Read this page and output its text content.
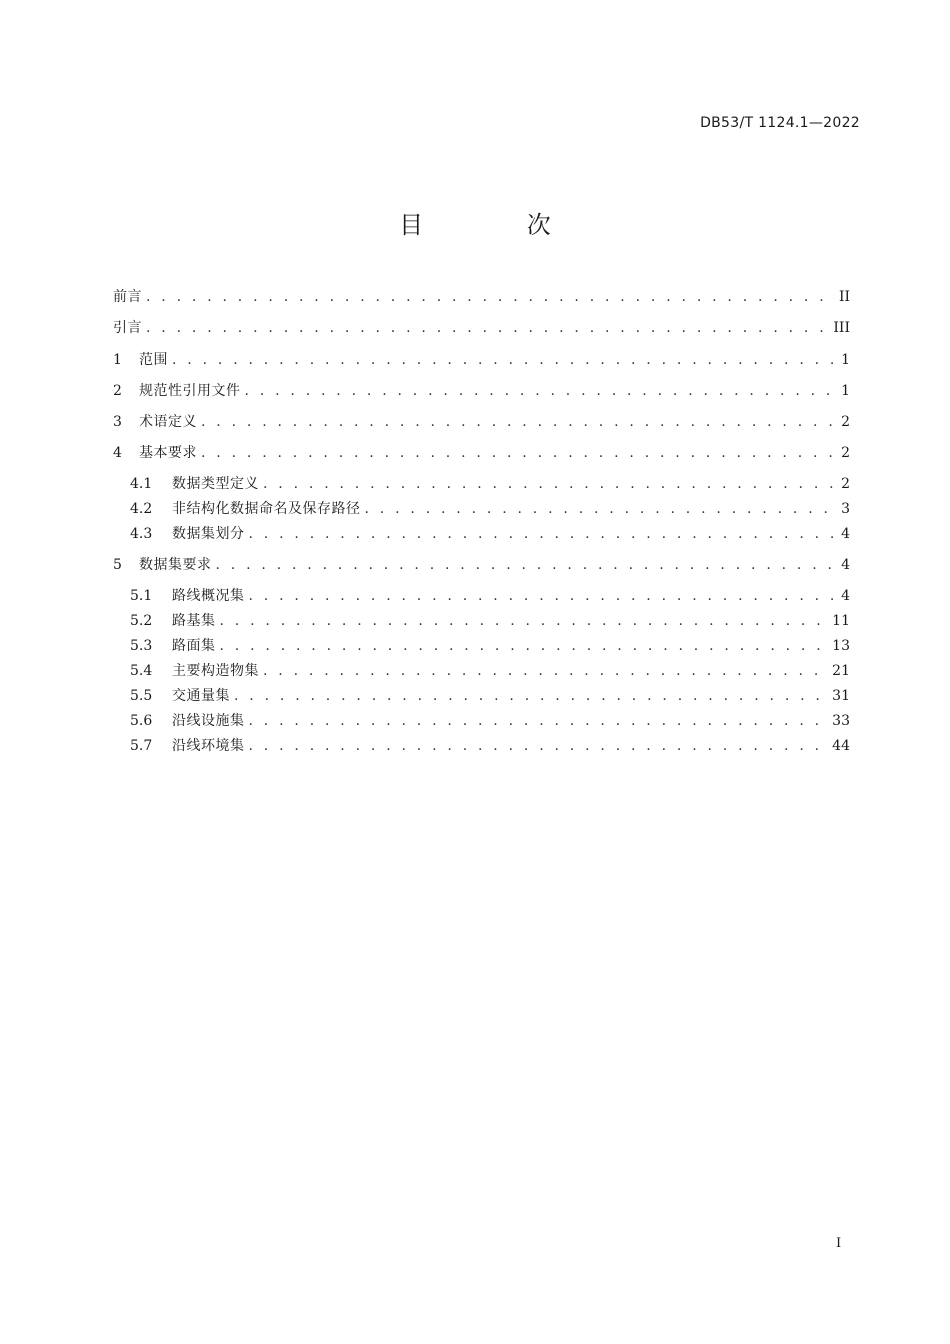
DB53/T 1124.1—2022
目 次
前言 . . .	II
引言 . . .	III
1	范围 . . .	1
2	规范性引用文件 . . .	1
3	术语定义 . . .	2
4	基本要求 . . .	2
4.1	数据类型定义 . . .	2
4.2	非结构化数据命名及保存路径 . . .	3
4.3	数据集划分 . . .	4
5	数据集要求 . . .	4
5.1	路线概况集 . . .	4
5.2	路基集 . . .	11
5.3	路面集 . . .	13
5.4	主要构造物集 . . .	21
5.5	交通量集 . . .	31
5.6	沿线设施集 . . .	33
5.7	沿线环境集 . . .	44
I
